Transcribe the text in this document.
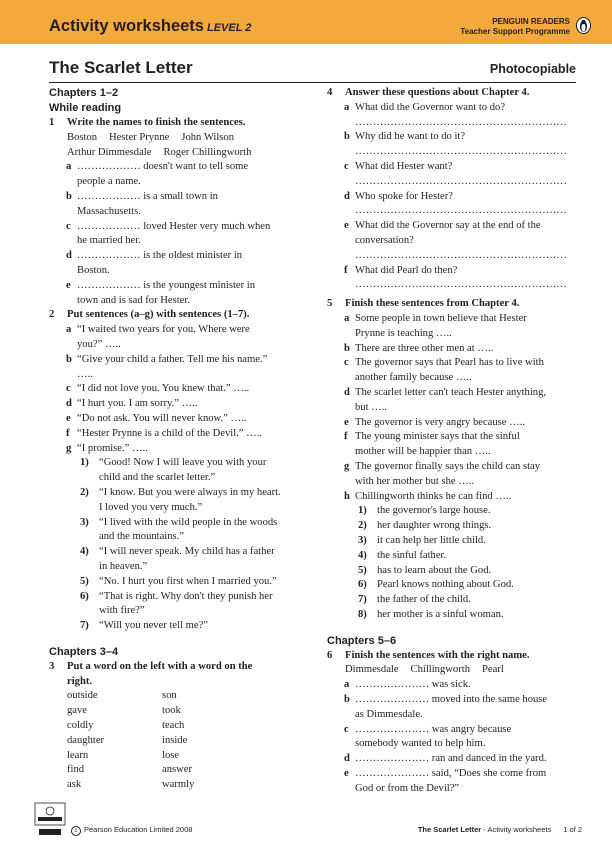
Activity worksheets LEVEL 2
PENGUIN READERS
Teacher Support Programme
The Scarlet Letter	Photocopiable
Chapters 1–2
While reading
1 Write the names to finish the sentences.
Boston Hester Prynne John Wilson
Arthur Dimmesdale Roger Chillingworth
a ……………… doesn't want to tell some
people a name.
b ……………… is a small town in
Massachusetts.
c ……………… loved Hester very much when
he married her.
d ……………… is the oldest minister in
Boston.
e ……………… is the youngest minister in
town and is sad for Hester.
2 Put sentences (a–g) with sentences (1–7).
a “I waited two years for you. Where were
you?” …..
b “Give your child a father. Tell me his name.”
…..
c “I did not love you. You knew that.” …..
d “I hurt you. I am sorry.” …..
e “Do not ask. You will never know.” …..
f “Hester Prynne is a child of the Devil.” …..
g “I promise.” …..
1) “Good! Now I will leave you with your
child and the scarlet letter.”
2) “I know. But you were always in my heart.
I loved you very much.”
3) “I lived with the wild people in the woods
and the mountains.”
4) “I will never speak. My child has a father
in heaven.”
5) “No. I hurt you first when I married you.”
6) “That is right. Why don't they punish her
with fire?”
7) “Will you never tell me?”
Chapters 3–4
3 Put a word on the left with a word on the
right.
outside	son
gave	took
coldly	teach
daughter	inside
learn	lose
find	answer
ask	warmly
4 Answer these questions about Chapter 4.
a What did the Governor want to do?
……………………………………………………
b Why did he want to do it?
……………………………………………………
c What did Hester want?
……………………………………………………
d Who spoke for Hester?
……………………………………………………
e What did the Governor say at the end of the
conversation?
……………………………………………………
f What did Pearl do then?
……………………………………………………
5 Finish these sentences from Chapter 4.
a Some people in town believe that Hester
Prynne is teaching …..
b There are three other men at …..
c The governor says that Pearl has to live with
another family because …..
d The scarlet letter can't teach Hester anything,
but …..
e The governor is very angry because …..
f The young minister says that the sinful
mother will be happier than …..
g The governor finally says the child can stay
with her mother but she …..
h Chillingworth thinks he can find …..
1) the governor's large house.
2) her daughter wrong things.
3) it can help her little child.
4) the sinful father.
5) has to learn about the God.
6) Pearl knows nothing about God.
7) the father of the child.
8) her mother is a sinful woman.
Chapters 5–6
6 Finish the sentences with the right name.
Dimmesdale Chillingworth Pearl
a ………………… was sick.
b ………………… moved into the same house
as Dimmesdale.
c ………………… was angry because
somebody wanted to help him.
d ………………… ran and danced in the yard.
e ………………… said, “Does she come from
God or from the Devil?”
c Pearson Education Limited 2008	The Scarlet Letter - Activity worksheets 1 of 2
